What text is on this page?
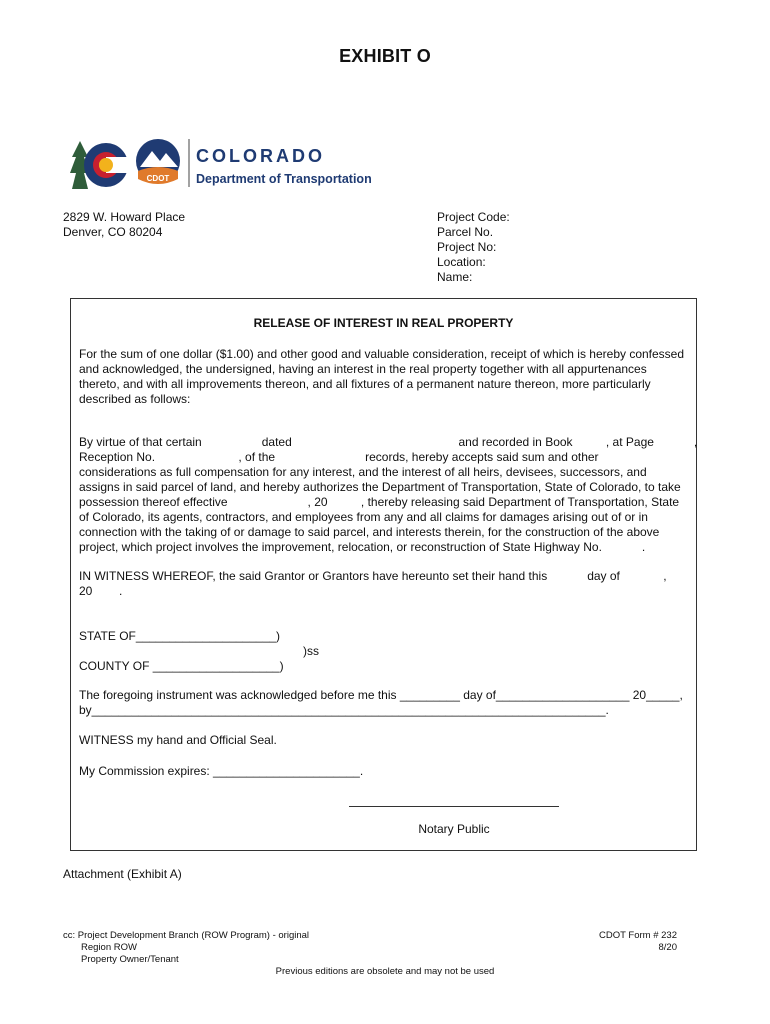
EXHIBIT O
CDOT
COLORADO
Department of Transportation
2829 W. Howard Place
Denver, CO 80204
Project Code:
Parcel No.
Project No:
Location:
Name:
RELEASE OF INTEREST IN REAL PROPERTY

For the sum of one dollar ($1.00) and other good and valuable consideration, receipt of which is hereby confessed and acknowledged, the undersigned, having an interest in the real property together with all appurtenances thereto, and with all improvements thereon, and all fixtures of a permanent nature thereon, more particularly described as follows:

By virtue of that certain                  dated                                                  and recorded in Book          , at Page            ,
Reception No.                         , of the                           records, hereby accepts said sum and other
considerations as full compensation for any interest, and the interest of all heirs, devisees, successors, and assigns in said parcel of land, and hereby authorizes the Department of Transportation, State of Colorado, to take possession thereof effective                        , 20          , thereby releasing said Department of Transportation, State of Colorado, its agents, contractors, and employees from any and all claims for damages arising out of or in connection with the taking of or damage to said parcel, and interests therein, for the construction of the above project, which project involves the improvement, relocation, or reconstruction of State Highway No.            .
IN WITNESS WHEREOF, the said Grantor or Grantors have hereunto set their hand this            day of             ,
20        .
STATE OF_____________________)
)ss
COUNTY OF ___________________)
The foregoing instrument was acknowledged before me this _________ day of____________________ 20_____,
by_____________________________________________________________________________.
WITNESS my hand and Official Seal.
My Commission expires: ______________________.
Notary Public
Attachment (Exhibit A)
cc: Project Development Branch (ROW Program) - original
Region ROW
Property Owner/Tenant
CDOT Form # 232
8/20
Previous editions are obsolete and may not be used
